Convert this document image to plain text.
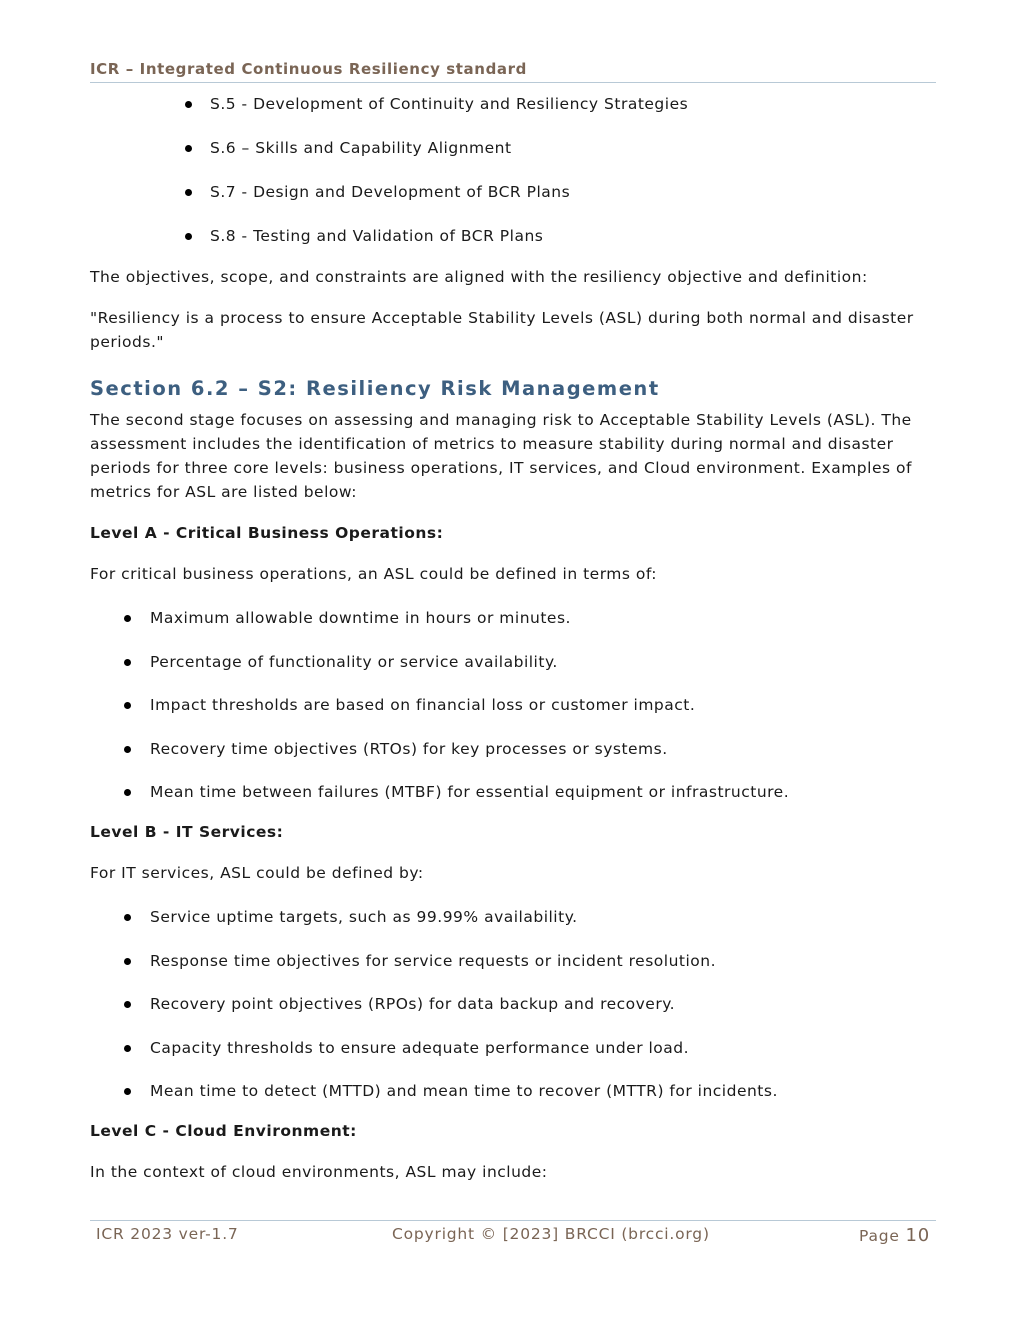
ICR – Integrated Continuous Resiliency standard
S.5 - Development of Continuity and Resiliency Strategies
S.6 – Skills and Capability Alignment
S.7 - Design and Development of BCR Plans
S.8 - Testing and Validation of BCR Plans

The objectives, scope, and constraints are aligned with the resiliency objective and definition:

"Resiliency is a process to ensure Acceptable Stability Levels (ASL) during both normal and disaster periods."

Section 6.2 – S2: Resiliency Risk Management

The second stage focuses on assessing and managing risk to Acceptable Stability Levels (ASL). The assessment includes the identification of metrics to measure stability during normal and disaster periods for three core levels: business operations, IT services, and Cloud environment. Examples of metrics for ASL are listed below:

Level A - Critical Business Operations:

For critical business operations, an ASL could be defined in terms of:

Maximum allowable downtime in hours or minutes.
Percentage of functionality or service availability.
Impact thresholds are based on financial loss or customer impact.
Recovery time objectives (RTOs) for key processes or systems.
Mean time between failures (MTBF) for essential equipment or infrastructure.

Level B - IT Services:

For IT services, ASL could be defined by:

Service uptime targets, such as 99.99% availability.
Response time objectives for service requests or incident resolution.
Recovery point objectives (RPOs) for data backup and recovery.
Capacity thresholds to ensure adequate performance under load.
Mean time to detect (MTTD) and mean time to recover (MTTR) for incidents.

Level C - Cloud Environment:

In the context of cloud environments, ASL may include:

ICR 2023 ver-1.7	Copyright © [2023] BRCCI (brcci.org)	Page 10
